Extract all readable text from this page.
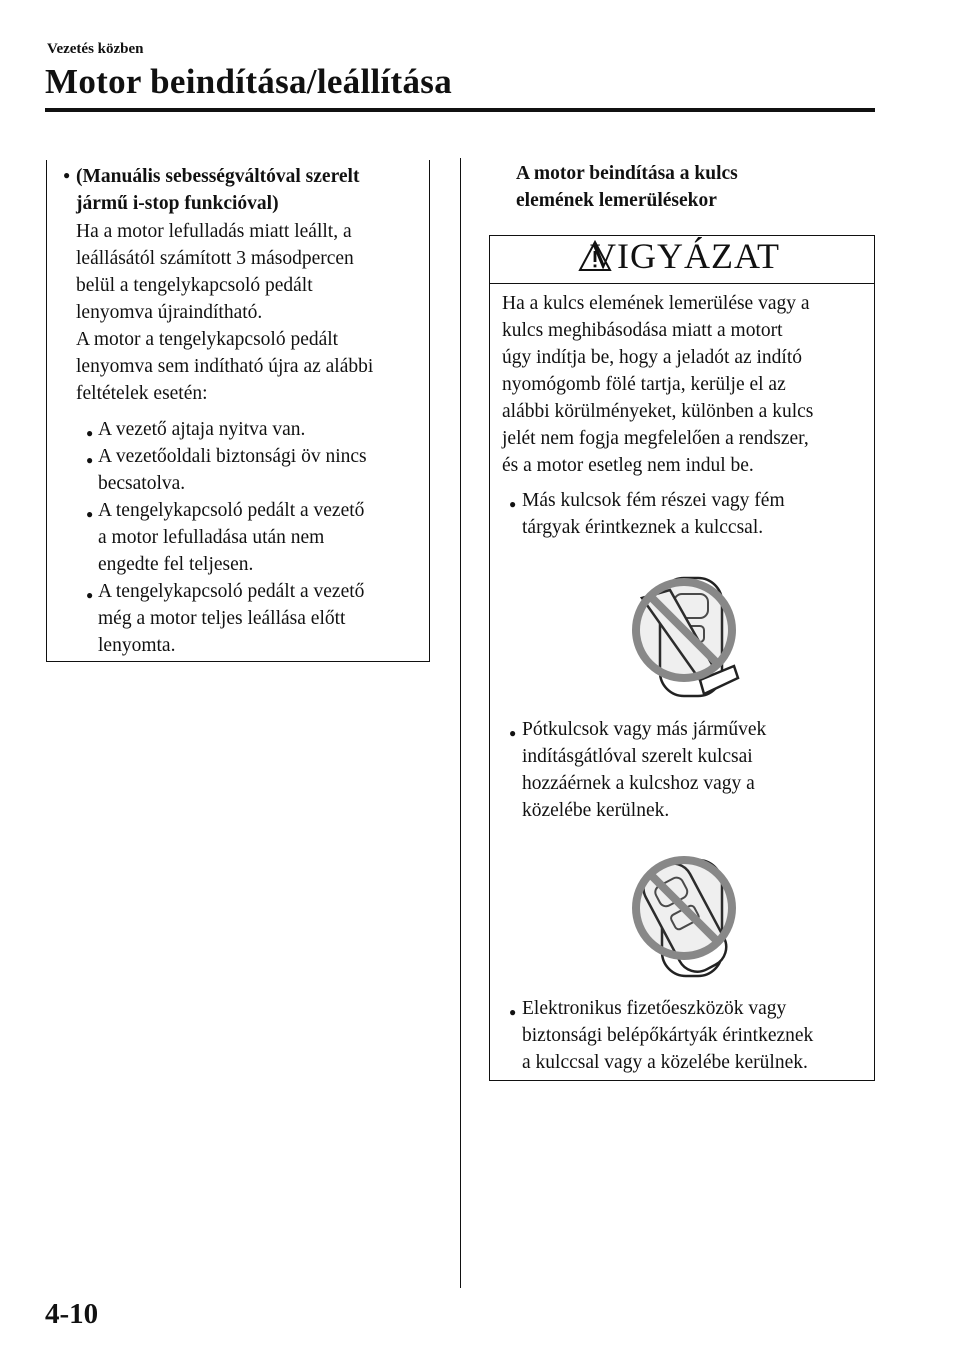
Vezetés közben
Motor beindítása/leállítása
● (Manuális sebességváltóval szerelt
jármű i-stop funkcióval)
Ha a motor lefulladás miatt leállt, a
leállásától számított 3 másodpercen
belül a tengelykapcsoló pedált
lenyomva újraindítható.
A motor a tengelykapcsoló pedált
lenyomva sem indítható újra az alábbi
feltételek esetén:
● A vezető ajtaja nyitva van.
● A vezetőoldali biztonsági öv nincs
becsatolva.
● A tengelykapcsoló pedált a vezető
a motor lefulladása után nem
engedte fel teljesen.
● A tengelykapcsoló pedált a vezető
még a motor teljes leállása előtt
lenyomta.
A motor beindítása a kulcs
elemének lemerülésekor
VIGYÁZAT
Ha a kulcs elemének lemerülése vagy a
kulcs meghibásodása miatt a motort
úgy indítja be, hogy a jeladót az indító
nyomógomb fölé tartja, kerülje el az
alábbi körülményeket, különben a kulcs
jelét nem fogja megfelelően a rendszer,
és a motor esetleg nem indul be.
● Más kulcsok fém részei vagy fém
tárgyak érintkeznek a kulccsal.
● Pótkulcsok vagy más járművek
indításgátlóval szerelt kulcsai
hozzáérnek a kulcshoz vagy a
közelébe kerülnek.
● Elektronikus fizetőeszközök vagy
biztonsági belépőkártyák érintkeznek
a kulccsal vagy a közelébe kerülnek.
4-10
